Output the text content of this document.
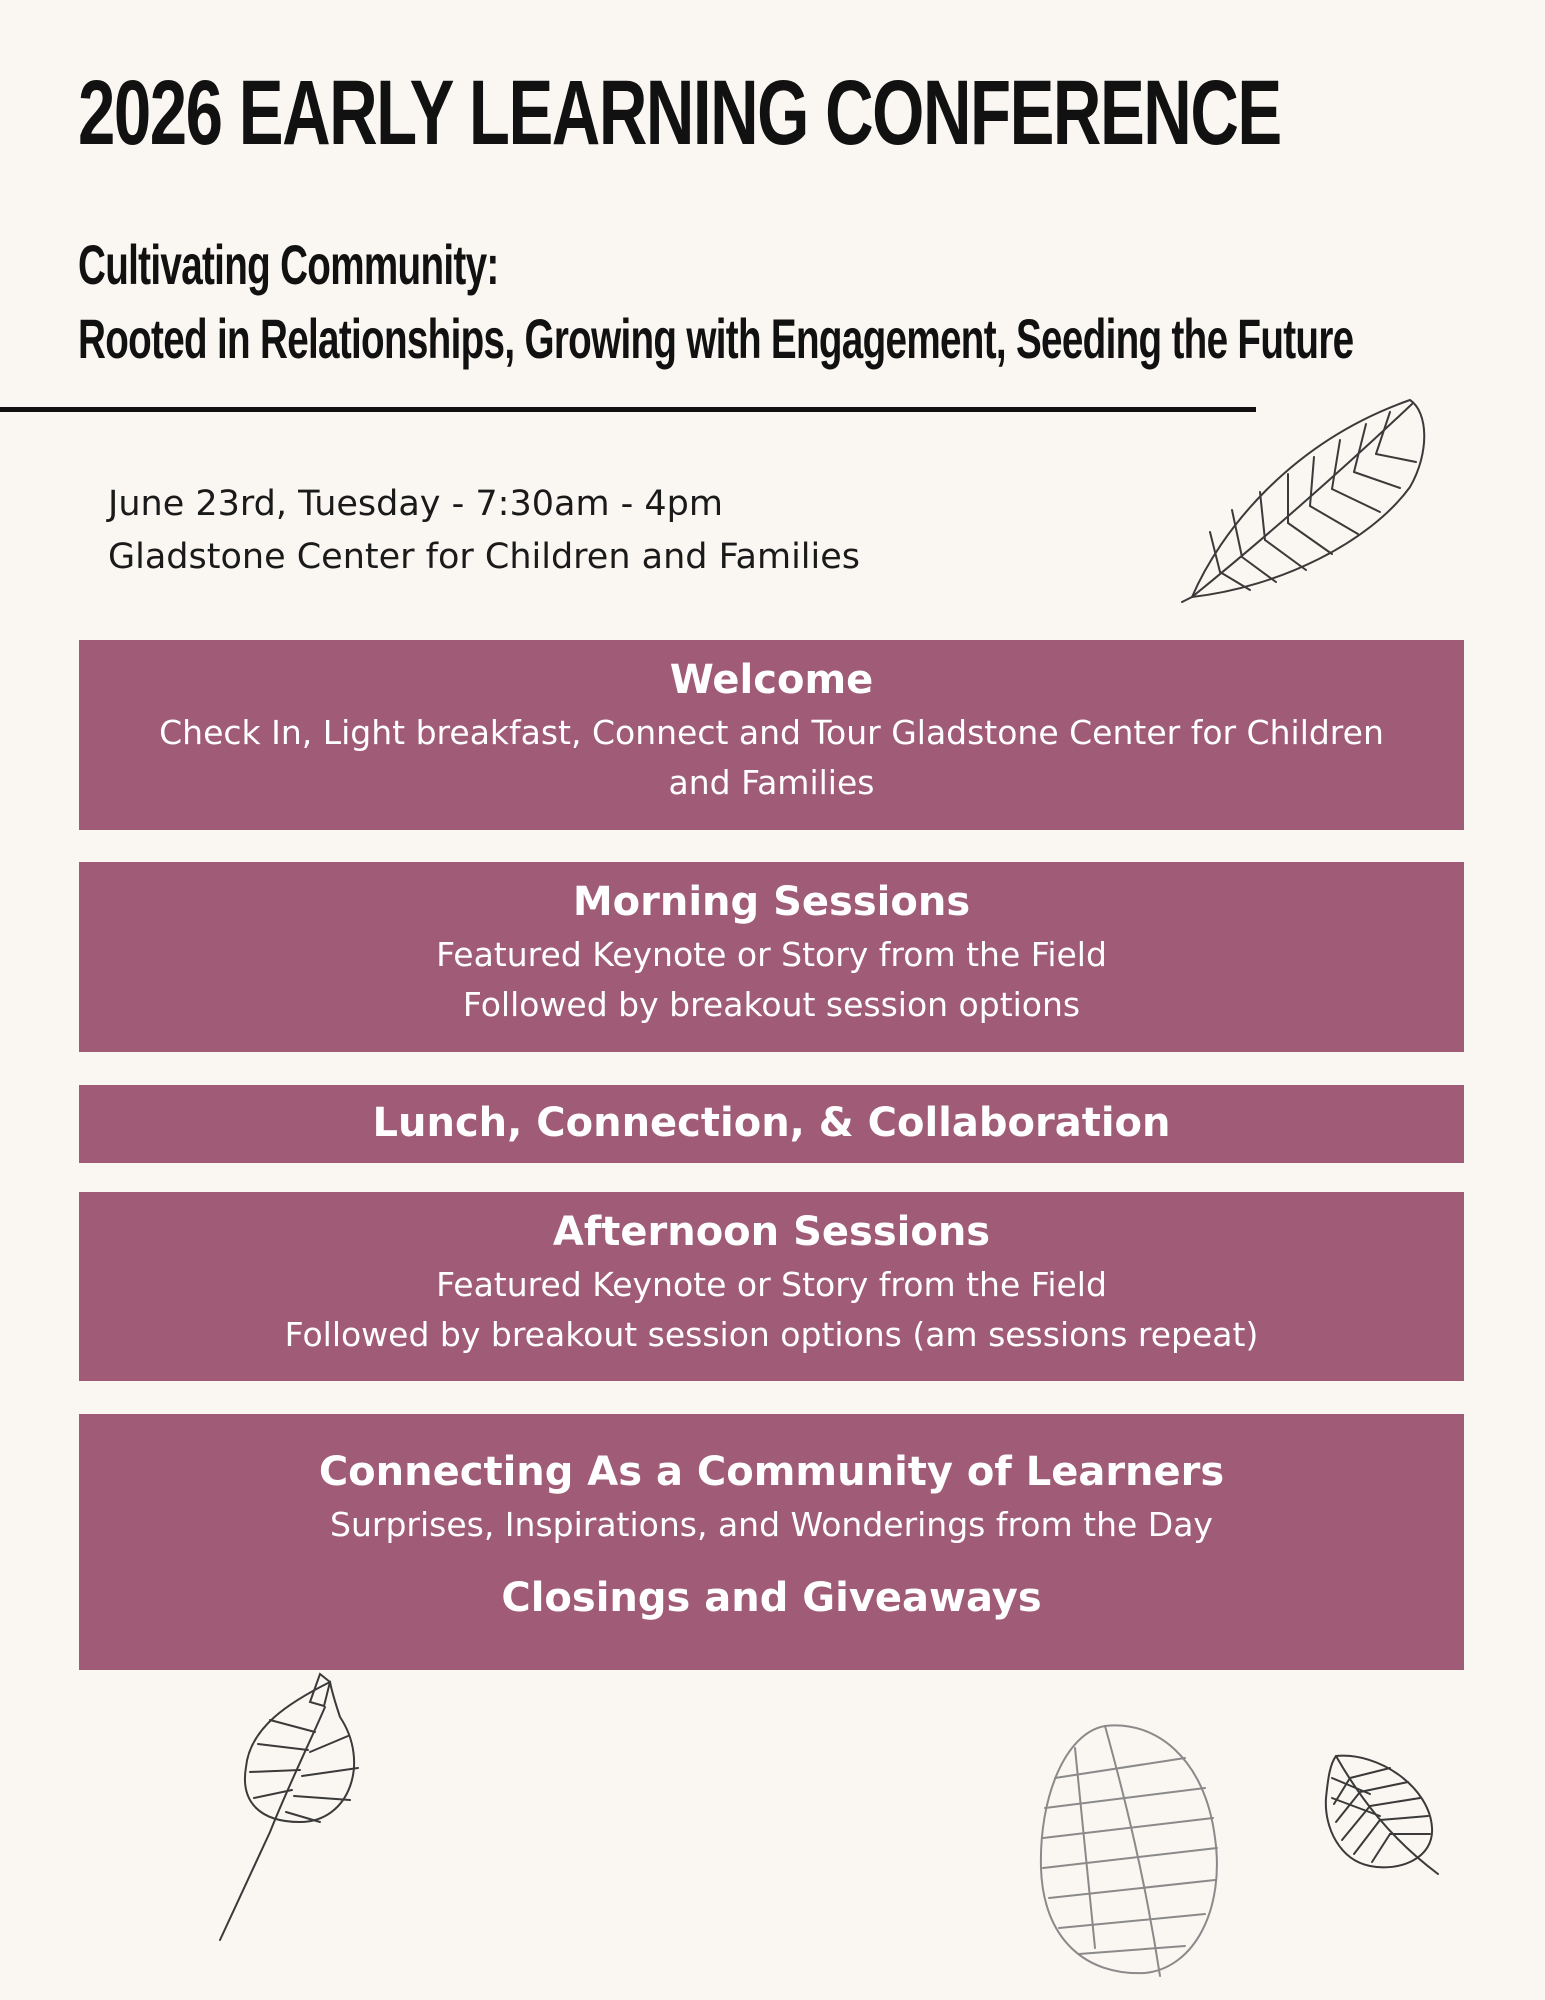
2026 EARLY LEARNING CONFERENCE
Cultivating Community:
Rooted in Relationships, Growing with Engagement, Seeding the Future
June 23rd, Tuesday - 7:30am - 4pm
Gladstone Center for Children and Families
Welcome
Check In, Light breakfast, Connect and Tour Gladstone Center for Children
and Families
Morning Sessions
Featured Keynote or Story from the Field
Followed by breakout session options
Lunch, Connection, & Collaboration
Afternoon Sessions
Featured Keynote or Story from the Field
Followed by breakout session options (am sessions repeat)
Connecting As a Community of Learners
Surprises, Inspirations, and Wonderings from the Day
Closings and Giveaways
